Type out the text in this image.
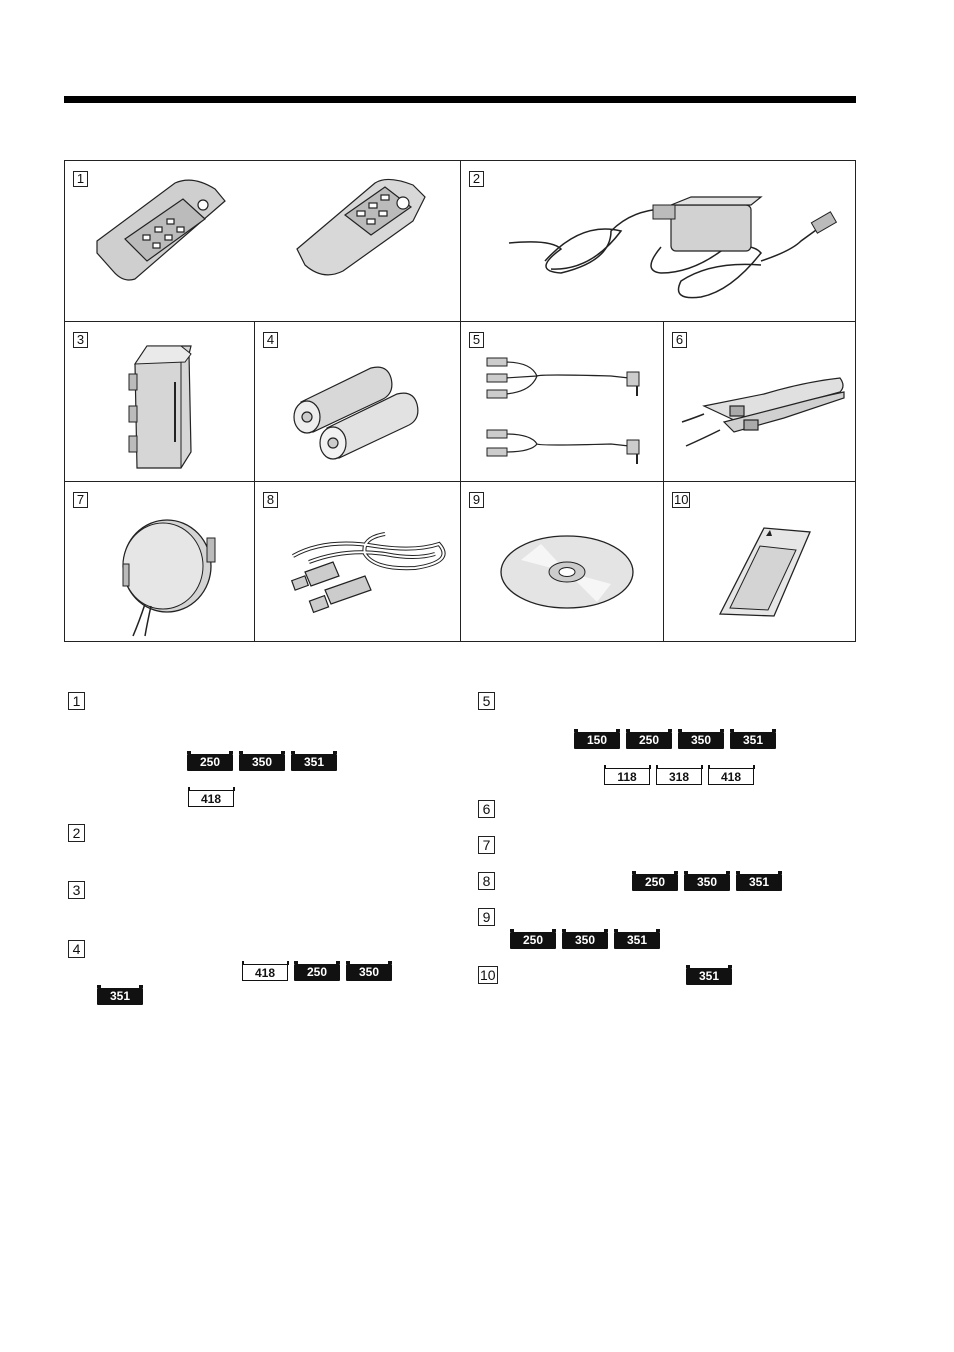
1	2
3	4	5	6
7	8	9	10
1
250	350	351
418
2
3
4
418	250	350
351
5
150	250	350	351
118	318	418
6
7
8	250	350	351
9
250	350	351
10	351
